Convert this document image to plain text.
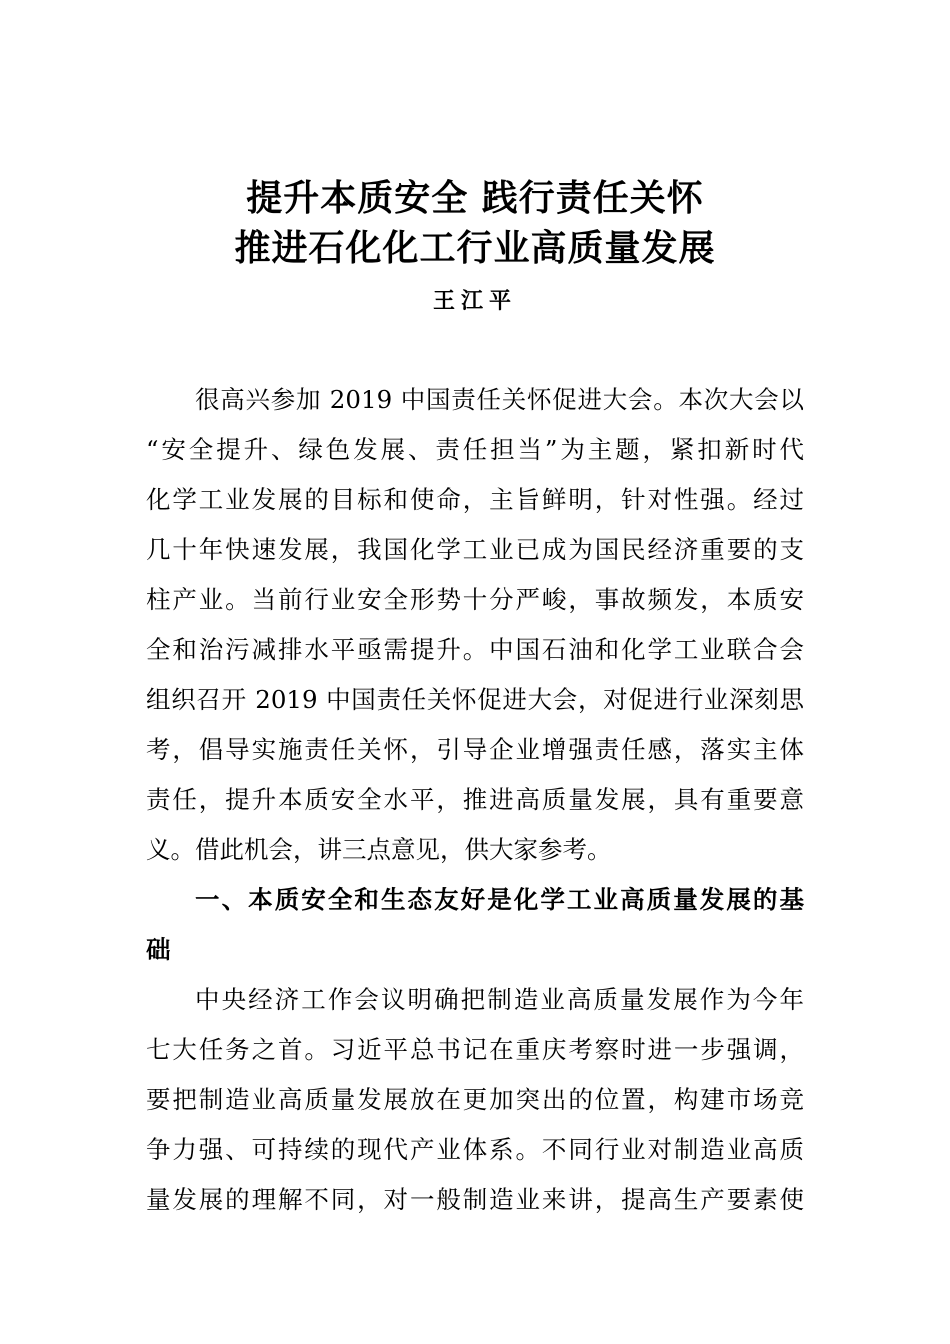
提升本质安全 践行责任关怀
推进石化化工行业高质量发展
王江平
很高兴参加 2019 中国责任关怀促进大会。本次大会以
“安全提升、绿色发展、责任担当”为主题，紧扣新时代
化学工业发展的目标和使命，主旨鲜明，针对性强。经过
几十年快速发展，我国化学工业已成为国民经济重要的支
柱产业。当前行业安全形势十分严峻，事故频发，本质安
全和治污减排水平亟需提升。中国石油和化学工业联合会
组织召开 2019 中国责任关怀促进大会，对促进行业深刻思
考，倡导实施责任关怀，引导企业增强责任感，落实主体
责任，提升本质安全水平，推进高质量发展，具有重要意
义。借此机会，讲三点意见，供大家参考。
一、本质安全和生态友好是化学工业高质量发展的基
础
中央经济工作会议明确把制造业高质量发展作为今年
七大任务之首。习近平总书记在重庆考察时进一步强调，
要把制造业高质量发展放在更加突出的位置，构建市场竞
争力强、可持续的现代产业体系。不同行业对制造业高质
量发展的理解不同，对一般制造业来讲，提高生产要素使
